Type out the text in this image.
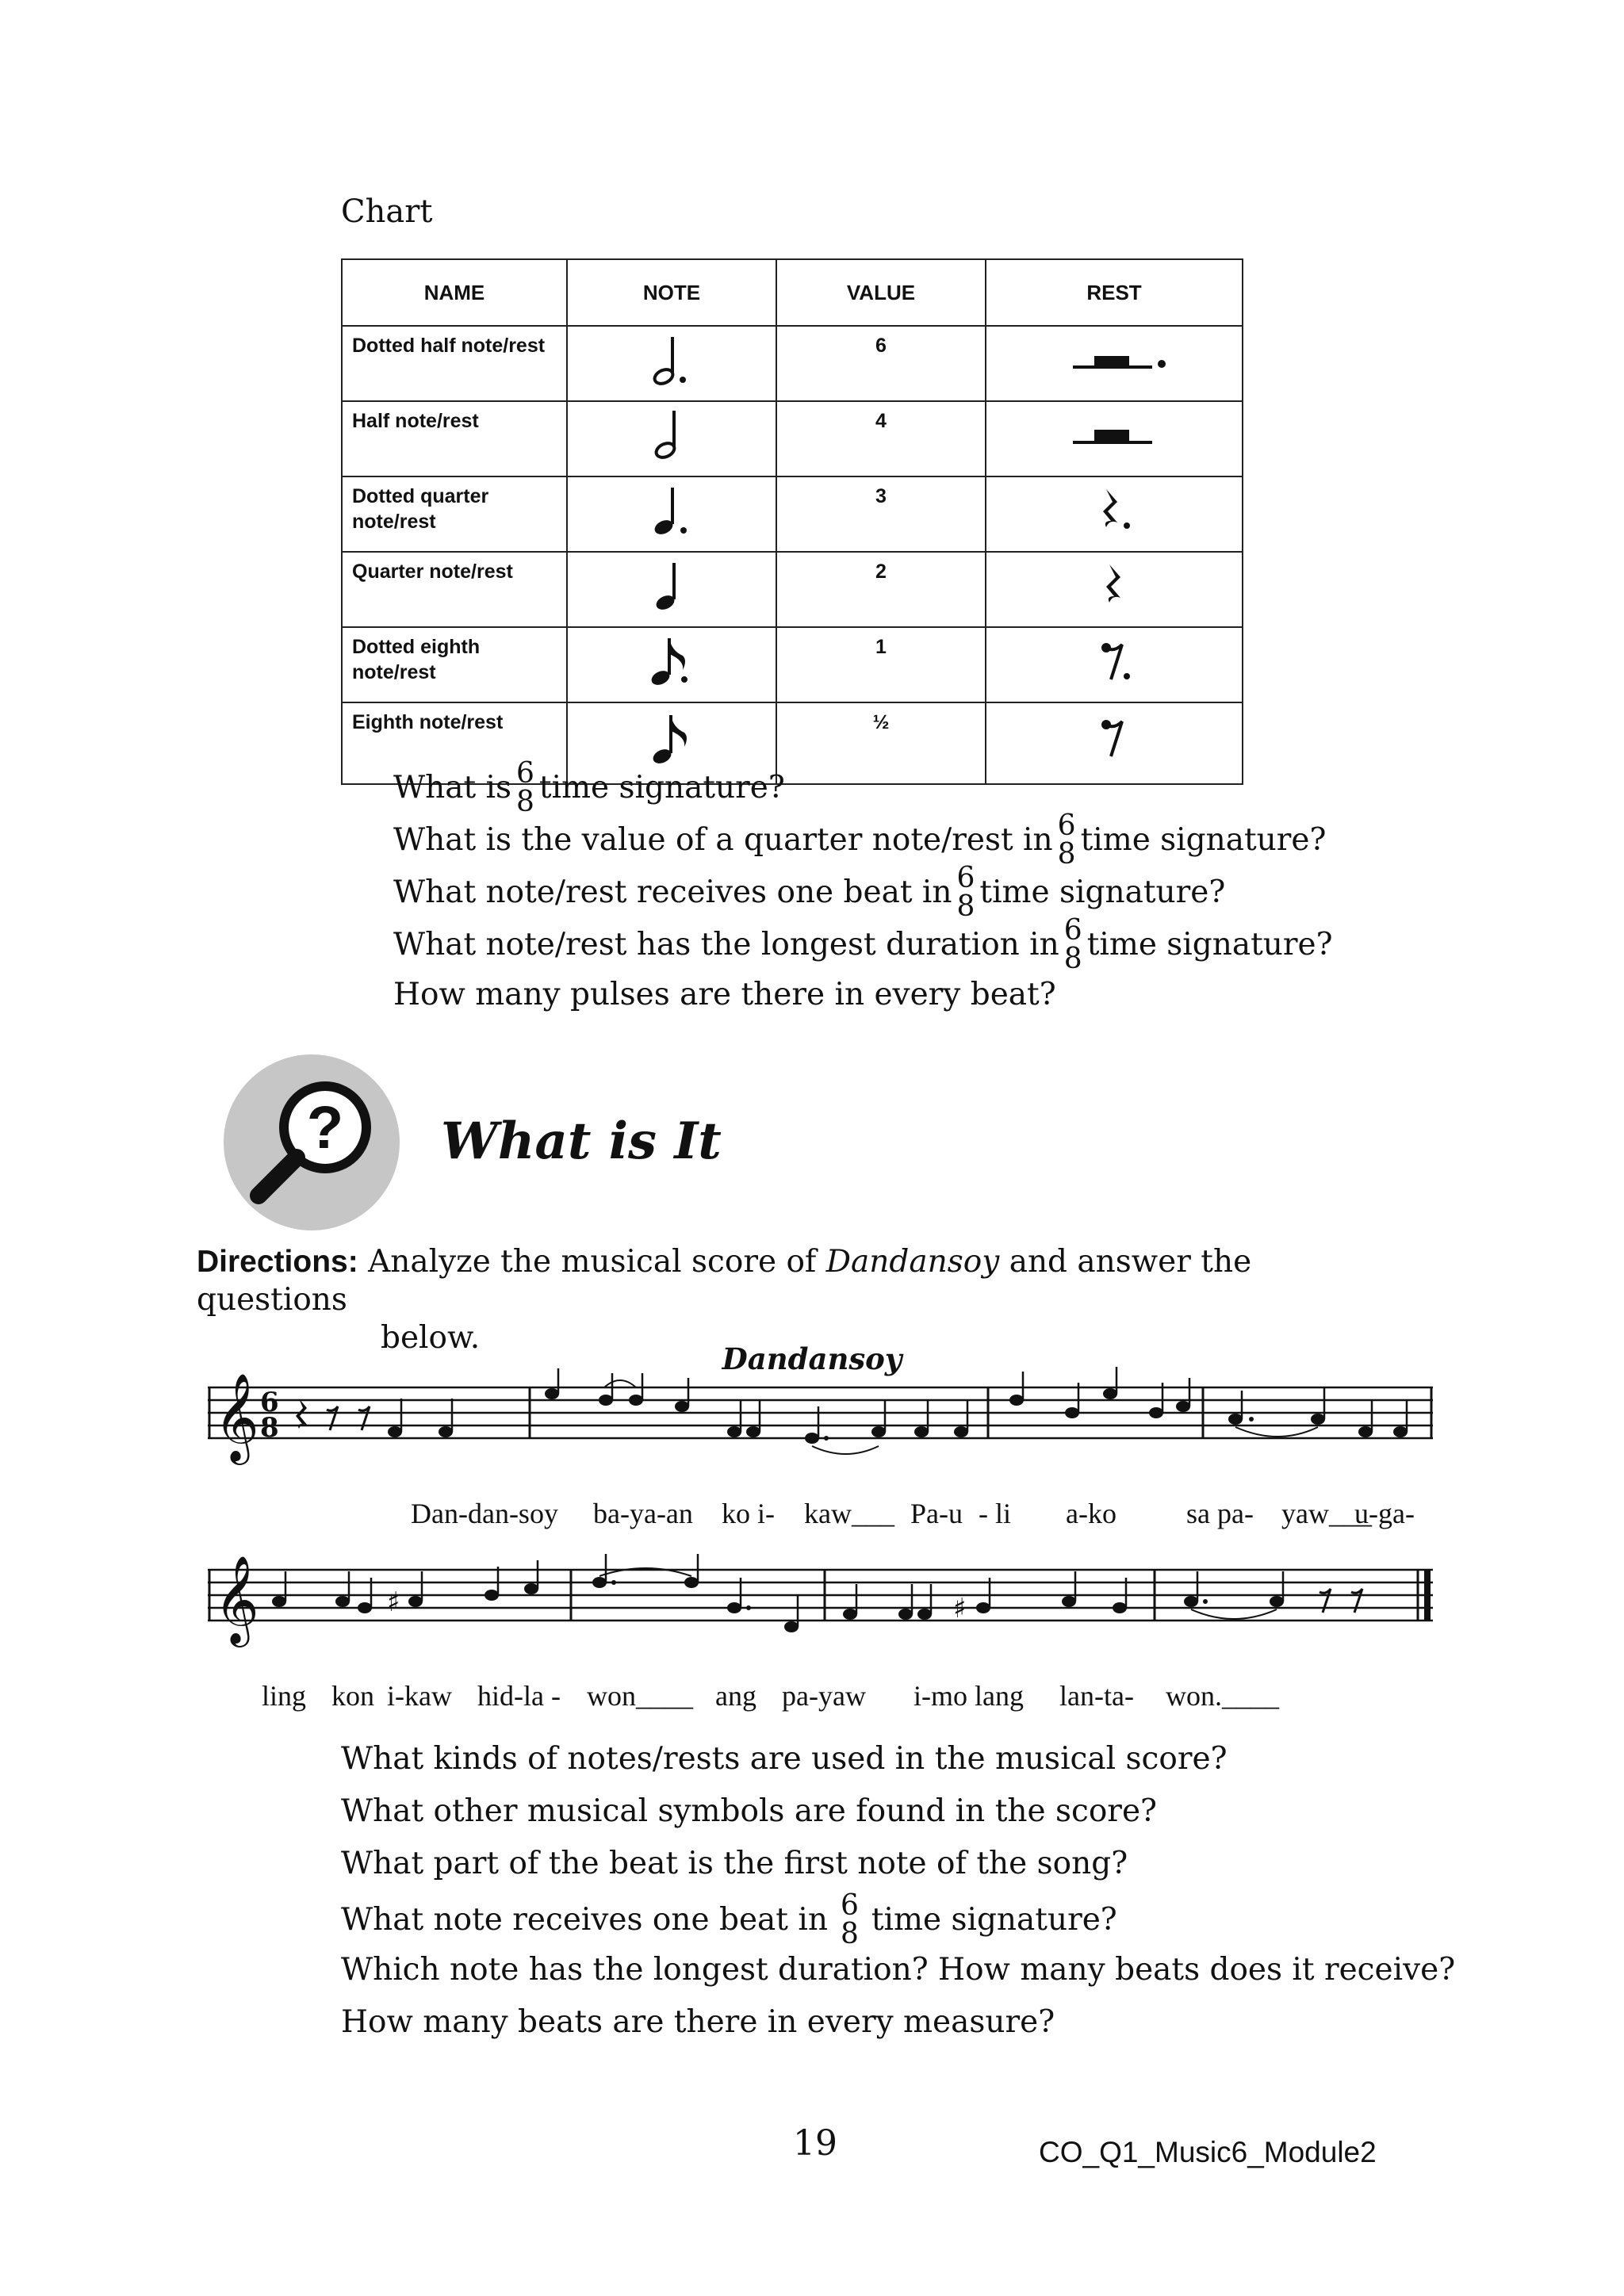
Chart
NAME	NOTE	VALUE	REST
Dotted half note/rest		6	

Half note/rest		4	

Dotted quarter note/rest		3	

Quarter note/rest		2	

Dotted eighth note/rest		1	

Eighth note/rest		½	
What is 6
8 time signature?
What is the value of a quarter note/rest in 6
8 time signature?
What note/rest receives one beat in 6
8 time signature?
What note/rest has the longest duration in 6
8 time signature?
How many pulses are there in every beat?
? What is It
Directions: Analyze the musical score of Dandansoy and answer the questions
below.
Dandansoy
𝄞 6
8
Dan-dan-soy ba-ya-an ko i- kaw___ Pa-u - li a-ko sa pa- yaw___
u-ga-
𝄞	♯	♯
ling kon i-kaw hid-la - won____ ang pa-yaw i-mo lang lan-ta- won.____
What kinds of notes/rests are used in the musical score?
What other musical symbols are found in the score?
What part of the beat is the first note of the song?
What note receives one beat in 6
8 time signature?
Which note has the longest duration? How many beats does it receive?
How many beats are there in every measure?
19	CO_Q1_Music6_Module2
